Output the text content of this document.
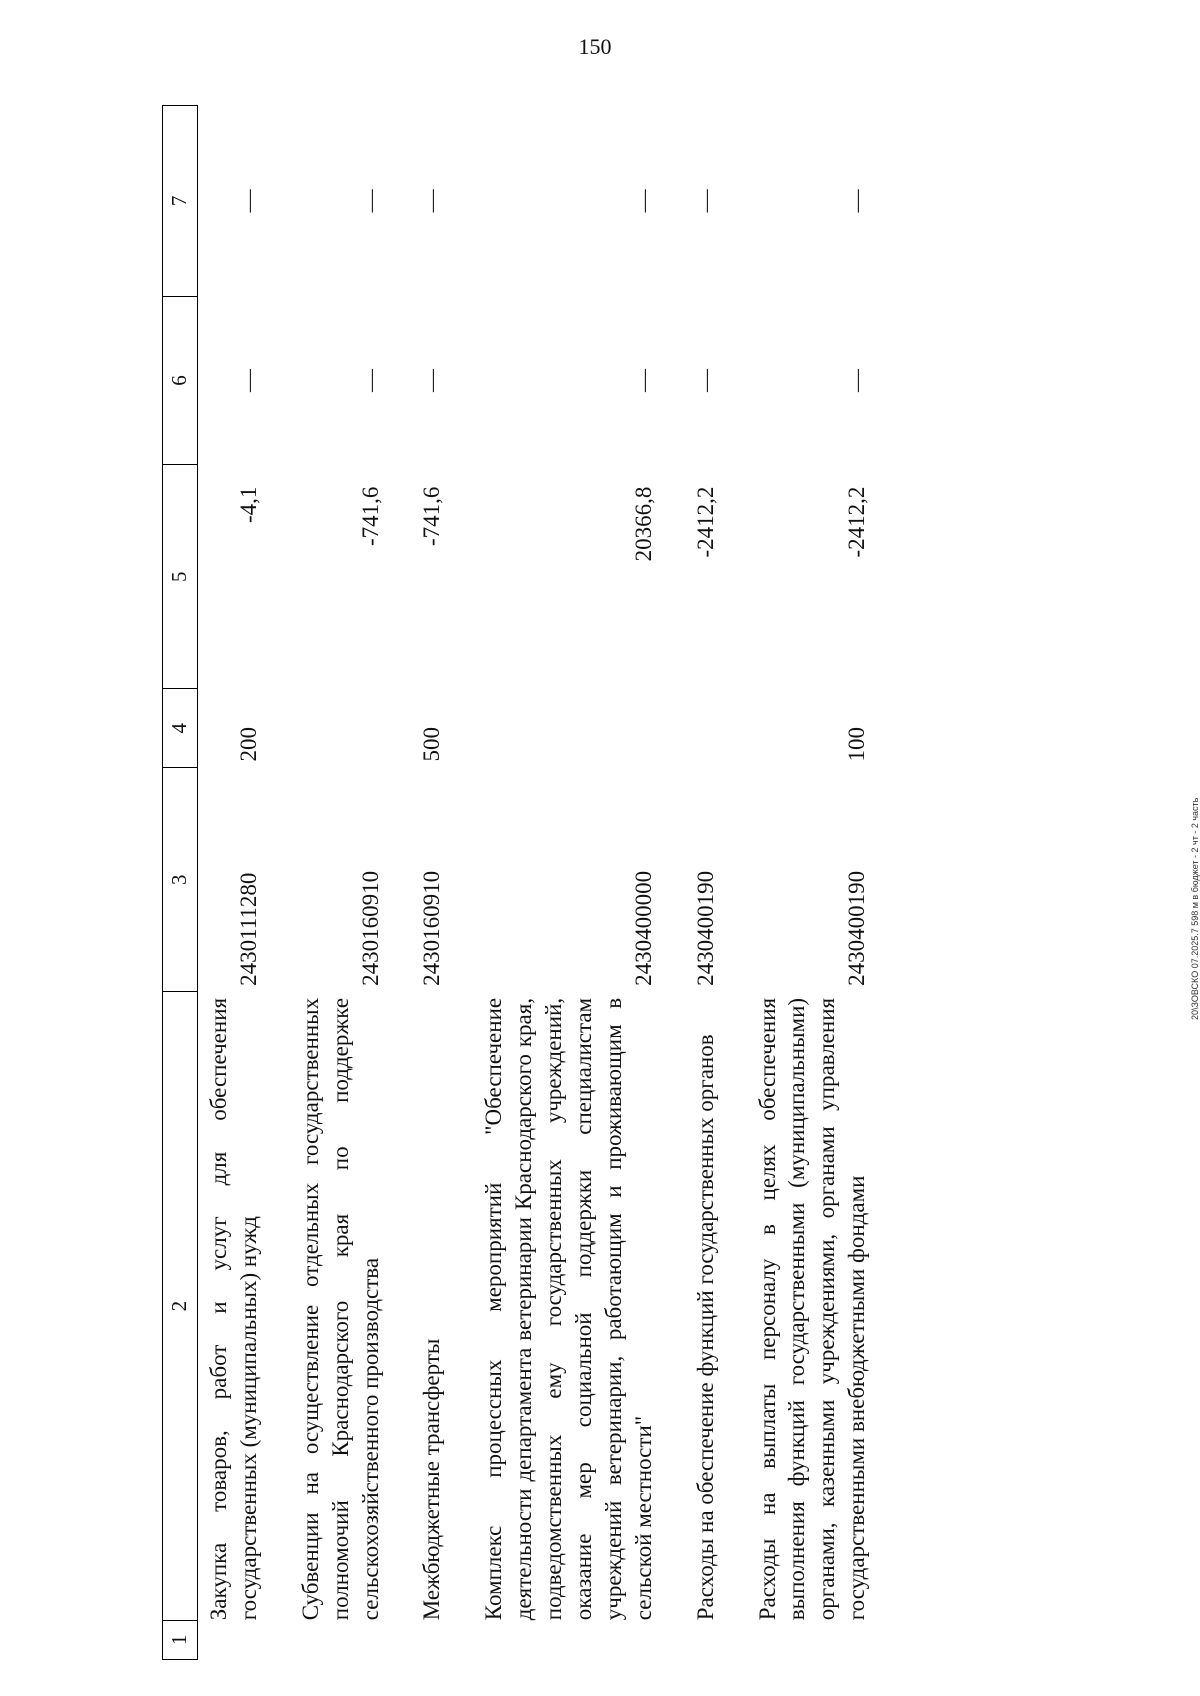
150
1	2	3	4	5	6	7
	Закупка товаров, работ и услуг для обеспечения государственных (муниципальных) нужд	2430111280	200	-4,1	—	—
	Субвенции на осуществление отдельных государственных полномочий Краснодарского края по поддержке сельскохозяйственного производства	2430160910		-741,6	—	—
	Межбюджетные трансферты	2430160910	500	-741,6	—	—
	Комплекс процессных мероприятий "Обеспечение деятельности департамента ветеринарии Краснодарского края, подведомственных ему государственных учреждений, оказание мер социальной поддержки специалистам учреждений ветеринарии, работающим и проживающим в сельской местности"	2430400000		20366,8	—	—
	Расходы на обеспечение функций государственных органов	2430400190		-2412,2	—	—
	Расходы на выплаты персоналу в целях обеспечения выполнения функций государственными (муниципальными) органами, казенными учреждениями, органами управления государственными внебюджетными фондами	2430400190	100	-2412,2	—	—
20\ЗОВСКО 07.2025.7 598 м в бюджет - 2 чт - 2 часть
